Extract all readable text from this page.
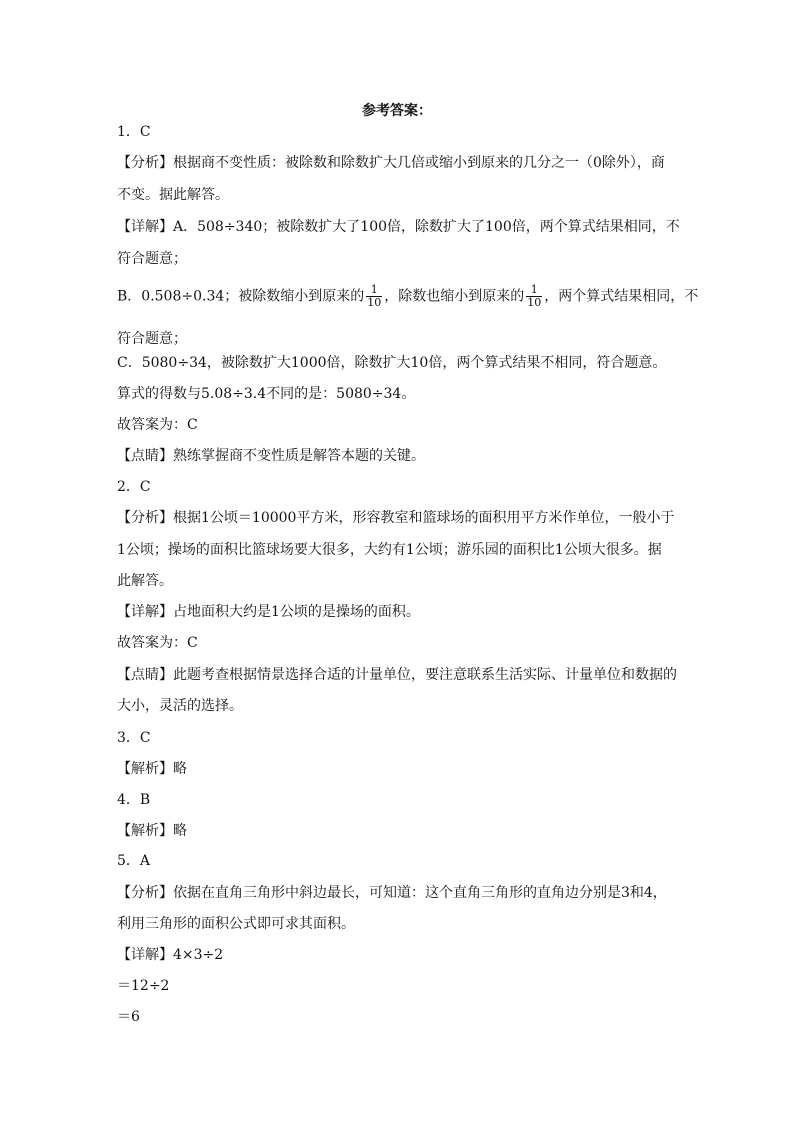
参考答案：
1．C
【分析】根据商不变性质：被除数和除数扩大几倍或缩小到原来的几分之一（0除外），商
不变。据此解答。
【详解】A．508÷340；被除数扩大了100倍，除数扩大了100倍，两个算式结果相同，不
符合题意；
符合题意；
C．5080÷34，被除数扩大1000倍，除数扩大10倍，两个算式结果不相同，符合题意。
算式的得数与5.08÷3.4不同的是：5080÷34。
故答案为：C
【点睛】熟练掌握商不变性质是解答本题的关键。
2．C
【分析】根据1公顷＝10000平方米，形容教室和篮球场的面积用平方米作单位，一般小于
1公顷；操场的面积比篮球场要大很多，大约有1公顷；游乐园的面积比1公顷大很多。据
此解答。
【详解】占地面积大约是1公顷的是操场的面积。
故答案为：C
【点睛】此题考查根据情景选择合适的计量单位，要注意联系生活实际、计量单位和数据的
大小，灵活的选择。
3．C
【解析】略
4．B
【解析】略
5．A
【分析】依据在直角三角形中斜边最长，可知道：这个直角三角形的直角边分别是3和4，
利用三角形的面积公式即可求其面积。
【详解】4×3÷2
＝12÷2
＝6
B．0.508÷0.34；被除数缩小到原来的 $\frac{1}{10}$ ，除数也缩小到原来的 $\frac{1}{10}$ ，两个算式结果相同，不
